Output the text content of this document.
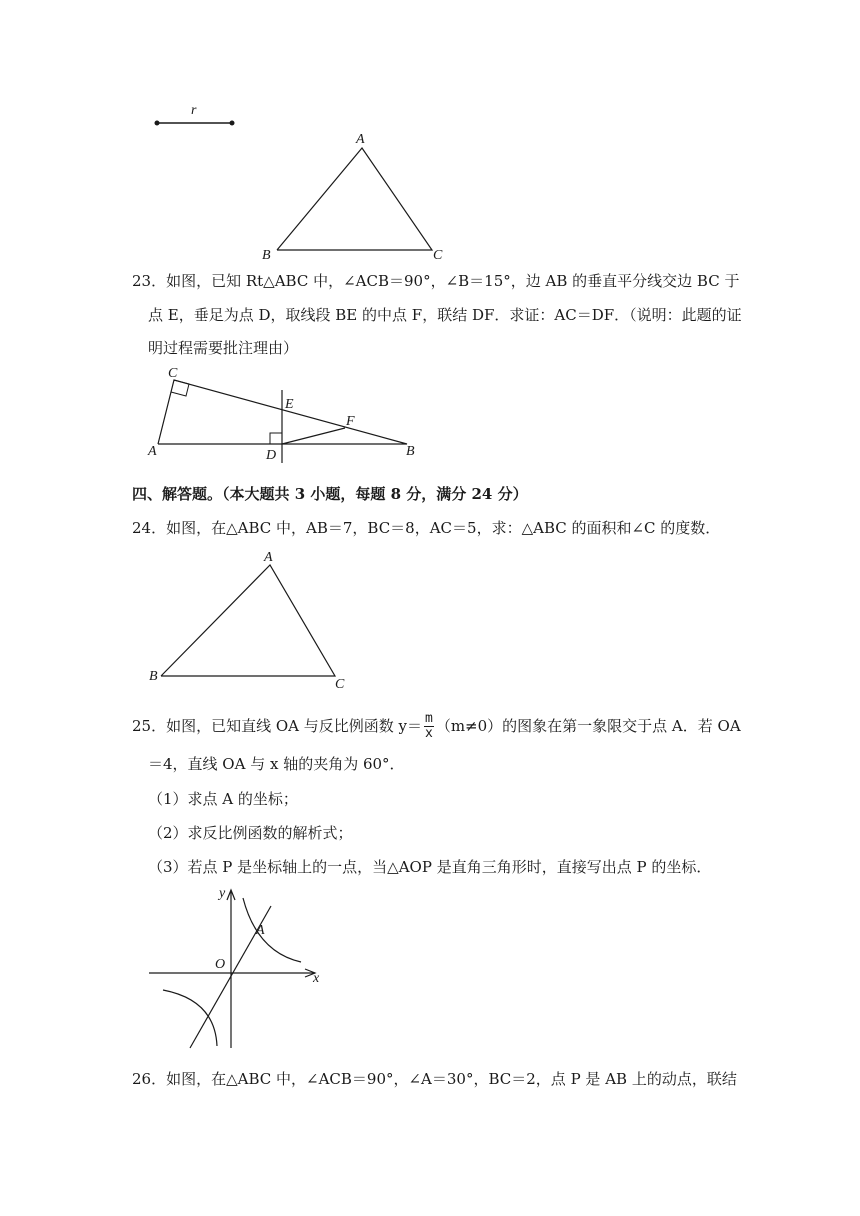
r
A
B	C
23．如图，已知 Rt△ABC 中，∠ACB＝90°，∠B＝15°，边 AB 的垂直平分线交边 BC 于
点 E，垂足为点 D，取线段 BE 的中点 F，联结 DF．求证：AC＝DF．（说明：此题的证
明过程需要批注理由）
C
E
F
A	D	B
四、解答题。（本大题共 3 小题，每题 8 分，满分 24 分）
24．如图，在△ABC 中，AB＝7，BC＝8，AC＝5，求：△ABC 的面积和∠C 的度数．
A
B
C
25．如图，已知直线 OA 与反比例函数 $y= \frac{m}{x} (m\ne 0)$的图象在第一象限交于点 A．若 OA
＝4，直线 OA 与 x 轴的夹角为 60°．
（1）求点 A 的坐标；
（2）求反比例函数的解析式；
（3）若点 P 是坐标轴上的一点，当△AOP 是直角三角形时，直接写出点 P 的坐标．
y
x
O
A
26．如图，在△ABC 中，∠ACB＝90°，∠A＝30°，BC＝2，点 P 是 AB 上的动点，联结
